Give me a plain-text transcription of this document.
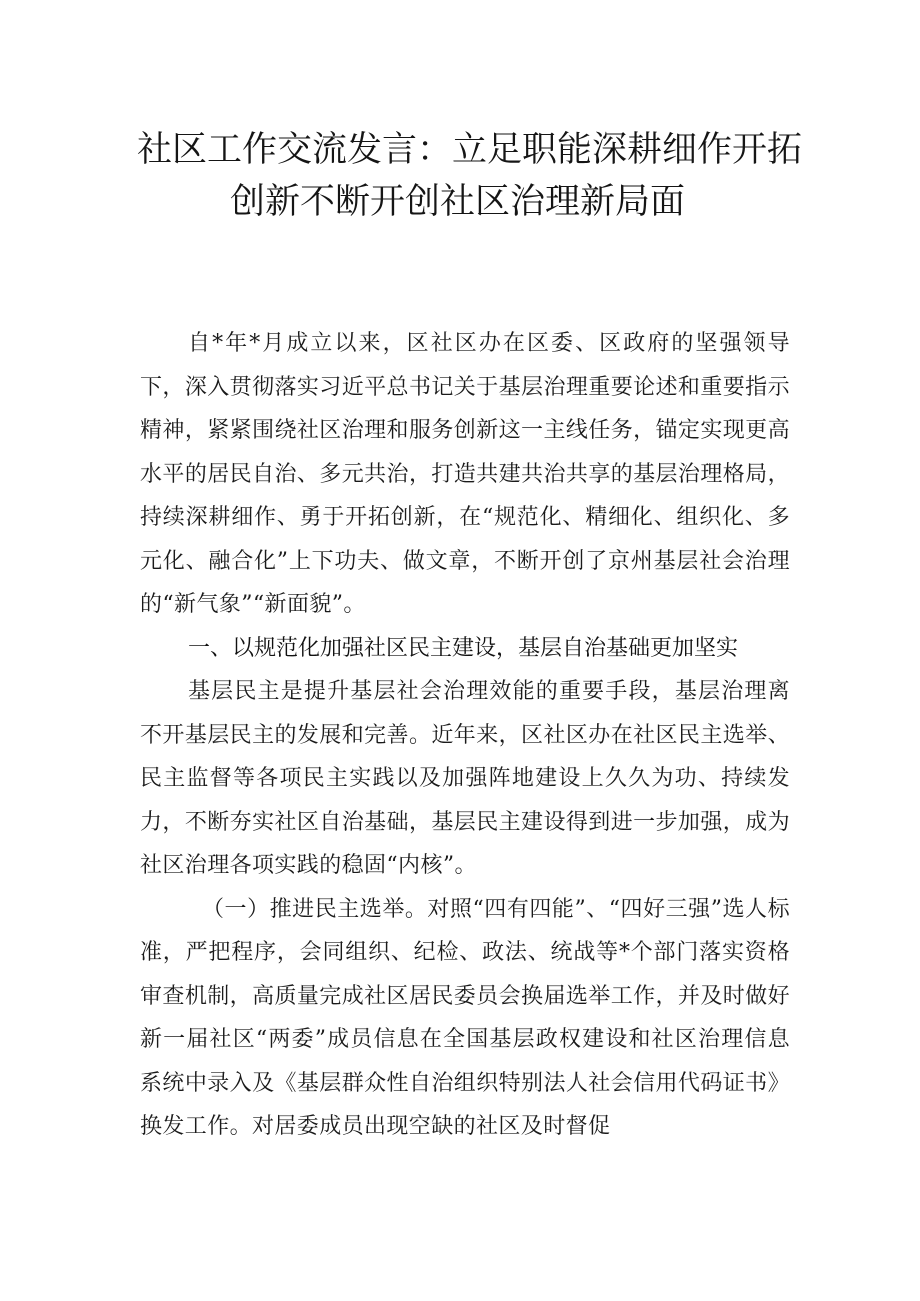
社区工作交流发言：立足职能深耕细作开拓
创新不断开创社区治理新局面

自*年*月成立以来，区社区办在区委、区政府的坚强领导下，深入贯彻落实习近平总书记关于基层治理重要论述和重要指示精神，紧紧围绕社区治理和服务创新这一主线任务，锚定实现更高水平的居民自治、多元共治，打造共建共治共享的基层治理格局，持续深耕细作、勇于开拓创新，在“规范化、精细化、组织化、多元化、融合化”上下功夫、做文章，不断开创了京州基层社会治理的“新气象”“新面貌”。

一、以规范化加强社区民主建设，基层自治基础更加坚实

基层民主是提升基层社会治理效能的重要手段，基层治理离不开基层民主的发展和完善。近年来，区社区办在社区民主选举、民主监督等各项民主实践以及加强阵地建设上久久为功、持续发力，不断夯实社区自治基础，基层民主建设得到进一步加强，成为社区治理各项实践的稳固“内核”。

（一）推进民主选举。对照“四有四能”、“四好三强”选人标准，严把程序，会同组织、纪检、政法、统战等*个部门落实资格审查机制，高质量完成社区居民委员会换届选举工作，并及时做好新一届社区“两委”成员信息在全国基层政权建设和社区治理信息系统中录入及《基层群众性自治组织特别法人社会信用代码证书》换发工作。对居委成员出现空缺的社区及时督促
